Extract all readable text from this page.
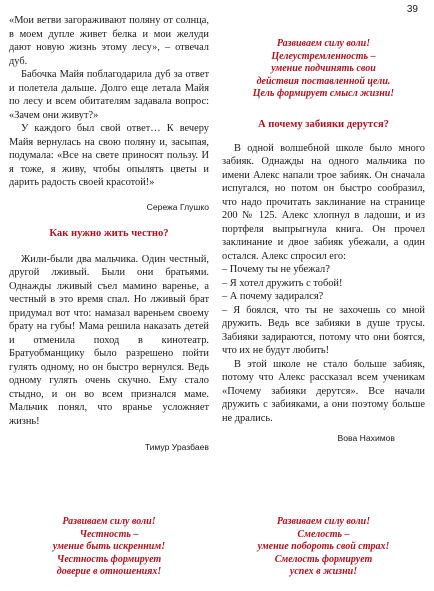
39

«Мои ветви загораживают поляну от солнца, в моем дупле живет белка и мои желуди дают новую жизнь этому лесу», – отвечал дуб.

Бабочка Майя поблагодарила дуб за ответ и полетела дальше. Долго еще летала Майя по лесу и всем обитателям задавала вопрос: «Зачем они живут?»

У каждого был свой ответ… К вечеру Майя вернулась на свою поляну и, засыпая, подумала: «Все на свете приносят пользу. И я тоже, я живу, чтобы опылять цветы и дарить радость своей красотой!»

Сережа Глушко

Как нужно жить честно?

Жили-были два мальчика. Один честный, другой лживый. Были они братьями. Однажды лживый съел мамино варенье, а честный в это время спал. Но лживый брат придумал вот что: намазал вареньем своему брату на губы! Мама решила наказать детей и отменила поход в кинотеатр. Братуобманщику было разрешено пойти гулять одному, но он быстро вернулся. Ведь одному гулять очень скучно. Ему стало стыдно, и он во всем признался маме. Мальчик понял, что вранье усложняет жизнь!

Тимур Уразбаев

Развиваем силу воли!

Честность –

умение быть искренним!

Честность формирует

доверие в отношениях!

Развиваем силу воли!

Целеустремленность –

умение подчинять свои

действия поставленной цели.

Цель формирует смысл жизни!

А почему забияки дерутся?

В одной волшебной школе было много забияк. Однажды на одного мальчика по имени Алекс напали трое забияк. Он сначала испугался, но потом он быстро сообразил, что надо прочитать заклинание на странице 200 № 125. Алекс хлопнул в ладоши, и из портфеля выпрыгнула книга. Он прочел заклинание и двое забияк убежали, а один остался. Алекс спросил его:

– Почему ты не убежал?

– Я хотел дружить с тобой!

– А почему задирался?

– Я боялся, что ты не захочешь со мной дружить. Ведь все забияки в душе трусы. Забияки задираются, потому что они боятся, что их не будут любить!

В этой школе не стало больше забияк, потому что Алекс рассказал всем ученикам «Почему забияки дерутся». Все начали дружить с забияками, а они поэтому больше не дрались.

Вова Нахимов

Развиваем силу воли!

Смелость –

умение побороть свой страх!

Смелость формирует

успех в жизни!
